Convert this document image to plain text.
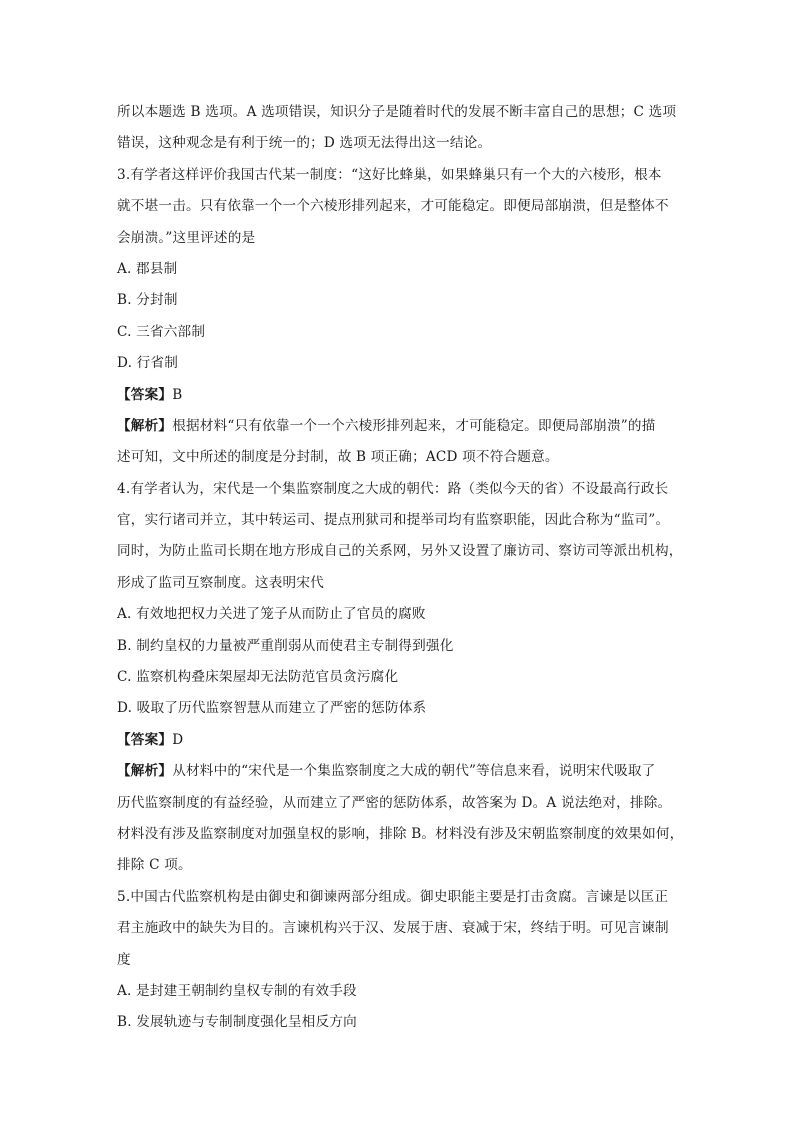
所以本题选 B 选项。A 选项错误，知识分子是随着时代的发展不断丰富自己的思想；C 选项
错误，这种观念是有利于统一的；D 选项无法得出这一结论。
3.有学者这样评价我国古代某一制度：“这好比蜂巢，如果蜂巢只有一个大的六棱形，根本
就不堪一击。只有依靠一个一个六棱形排列起来，才可能稳定。即便局部崩溃，但是整体不
会崩溃。”这里评述的是
A. 郡县制
B. 分封制
C. 三省六部制
D. 行省制
【答案】B
【解析】根据材料“只有依靠一个一个六棱形排列起来，才可能稳定。即便局部崩溃”的描
述可知，文中所述的制度是分封制，故 B 项正确；ACD 项不符合题意。
4.有学者认为，宋代是一个集监察制度之大成的朝代：路（类似今天的省）不设最高行政长
官，实行诸司并立，其中转运司、提点刑狱司和提举司均有监察职能，因此合称为“监司”。
同时，为防止监司长期在地方形成自己的关系网，另外又设置了廉访司、察访司等派出机构，
形成了监司互察制度。这表明宋代
A. 有效地把权力关进了笼子从而防止了官员的腐败
B. 制约皇权的力量被严重削弱从而使君主专制得到强化
C. 监察机构叠床架屋却无法防范官员贪污腐化
D. 吸取了历代监察智慧从而建立了严密的惩防体系
【答案】D
【解析】从材料中的“宋代是一个集监察制度之大成的朝代”等信息来看，说明宋代吸取了
历代监察制度的有益经验，从而建立了严密的惩防体系，故答案为 D。A 说法绝对，排除。
材料没有涉及监察制度对加强皇权的影响，排除 B。材料没有涉及宋朝监察制度的效果如何，
排除 C 项。
5.中国古代监察机构是由御史和御谏两部分组成。御史职能主要是打击贪腐。言谏是以匡正
君主施政中的缺失为目的。言谏机构兴于汉、发展于唐、衰减于宋，终结于明。可见言谏制
度
A. 是封建王朝制约皇权专制的有效手段
B. 发展轨迹与专制制度强化呈相反方向
